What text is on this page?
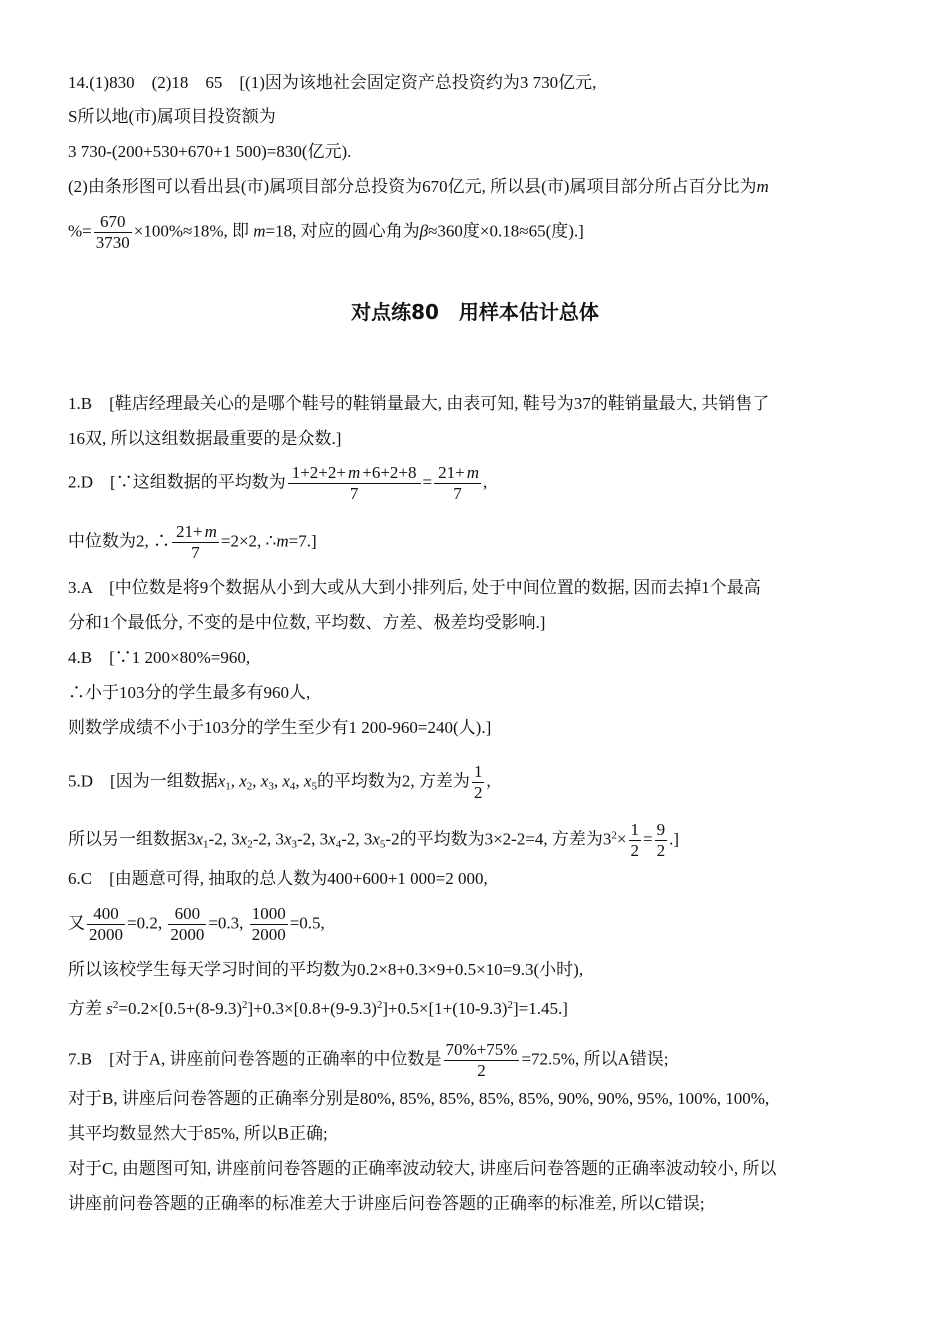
14.(1)830　(2)18　65　[(1)因为该地社会固定资产总投资约为3 730亿元,
S所以地(市)属项目投资额为
3 730-(200+530+670+1 500)=830(亿元).
(2)由条形图可以看出县(市)属项目部分总投资为670亿元, 所以县(市)属项目部分所占百分比为m
%= $\frac{670}{3730} \times 100\%\approx 18\%$, 即 m=18, 对应的圆心角为β≈360度×0.18≈65(度).]
对点练80　用样本估计总体
1.B　[鞋店经理最关心的是哪个鞋号的鞋销量最大, 由表可知, 鞋号为37的鞋销量最大, 共销售了
16双, 所以这组数据最重要的是众数.]
2.D　[∵这组数据的平均数为 $\frac{1+2+2+ m +6+2+8}{7} = \frac{21+ m}{7}$ ,
中位数为2, ∴ $\frac{21+ m}{7} =2\times 2$, ∴m=7.]
3.A　[中位数是将9个数据从小到大或从大到小排列后, 处于中间位置的数据, 因而去掉1个最高
分和1个最低分, 不变的是中位数, 平均数、方差、极差均受影响.]
4.B　[∵1 200×80%=960,
∴小于103分的学生最多有960人,
则数学成绩不小于103分的学生至少有1 200-960=240(人).]
5.D　[因为一组数据$x_1$, $x_2$, $x_3$, $x_4$, $x_5$的平均数为2, 方差为 $\frac{1}{2}$ ,
所以另一组数据$3x_1-2$, $3x_2-2$, $3x_3-2$, $3x_4-2$, $3x_5-2$的平均数为3×2-2=4, 方差为$3^2\times \frac{1}{2} = \frac{9}{2}$ .]
6.C　[由题意可得, 抽取的总人数为400+600+1 000=2 000,
又 $\frac{400}{2000} =0.2$, $\frac{600}{2000} =0.3$, $\frac{1000}{2000} =0.5$,
所以该校学生每天学习时间的平均数为0.2×8+0.3×9+0.5×10=9.3(小时),
方差 $s^2=0.2\times[0.5+(8-9.3)^2]+0.3\times[0.8+(9-9.3)^2]+0.5\times[1+(10-9.3)^2]=1.45$.]
7.B　[对于A, 讲座前问卷答题的正确率的中位数是 $\frac{70\%+75\%}{2} =72.5\%$, 所以A错误;
对于B, 讲座后问卷答题的正确率分别是80%, 85%, 85%, 85%, 85%, 90%, 90%, 95%, 100%, 100%,
其平均数显然大于85%, 所以B正确;
对于C, 由题图可知, 讲座前问卷答题的正确率波动较大, 讲座后问卷答题的正确率波动较小, 所以
讲座前问卷答题的正确率的标准差大于讲座后问卷答题的正确率的标准差, 所以C错误;
